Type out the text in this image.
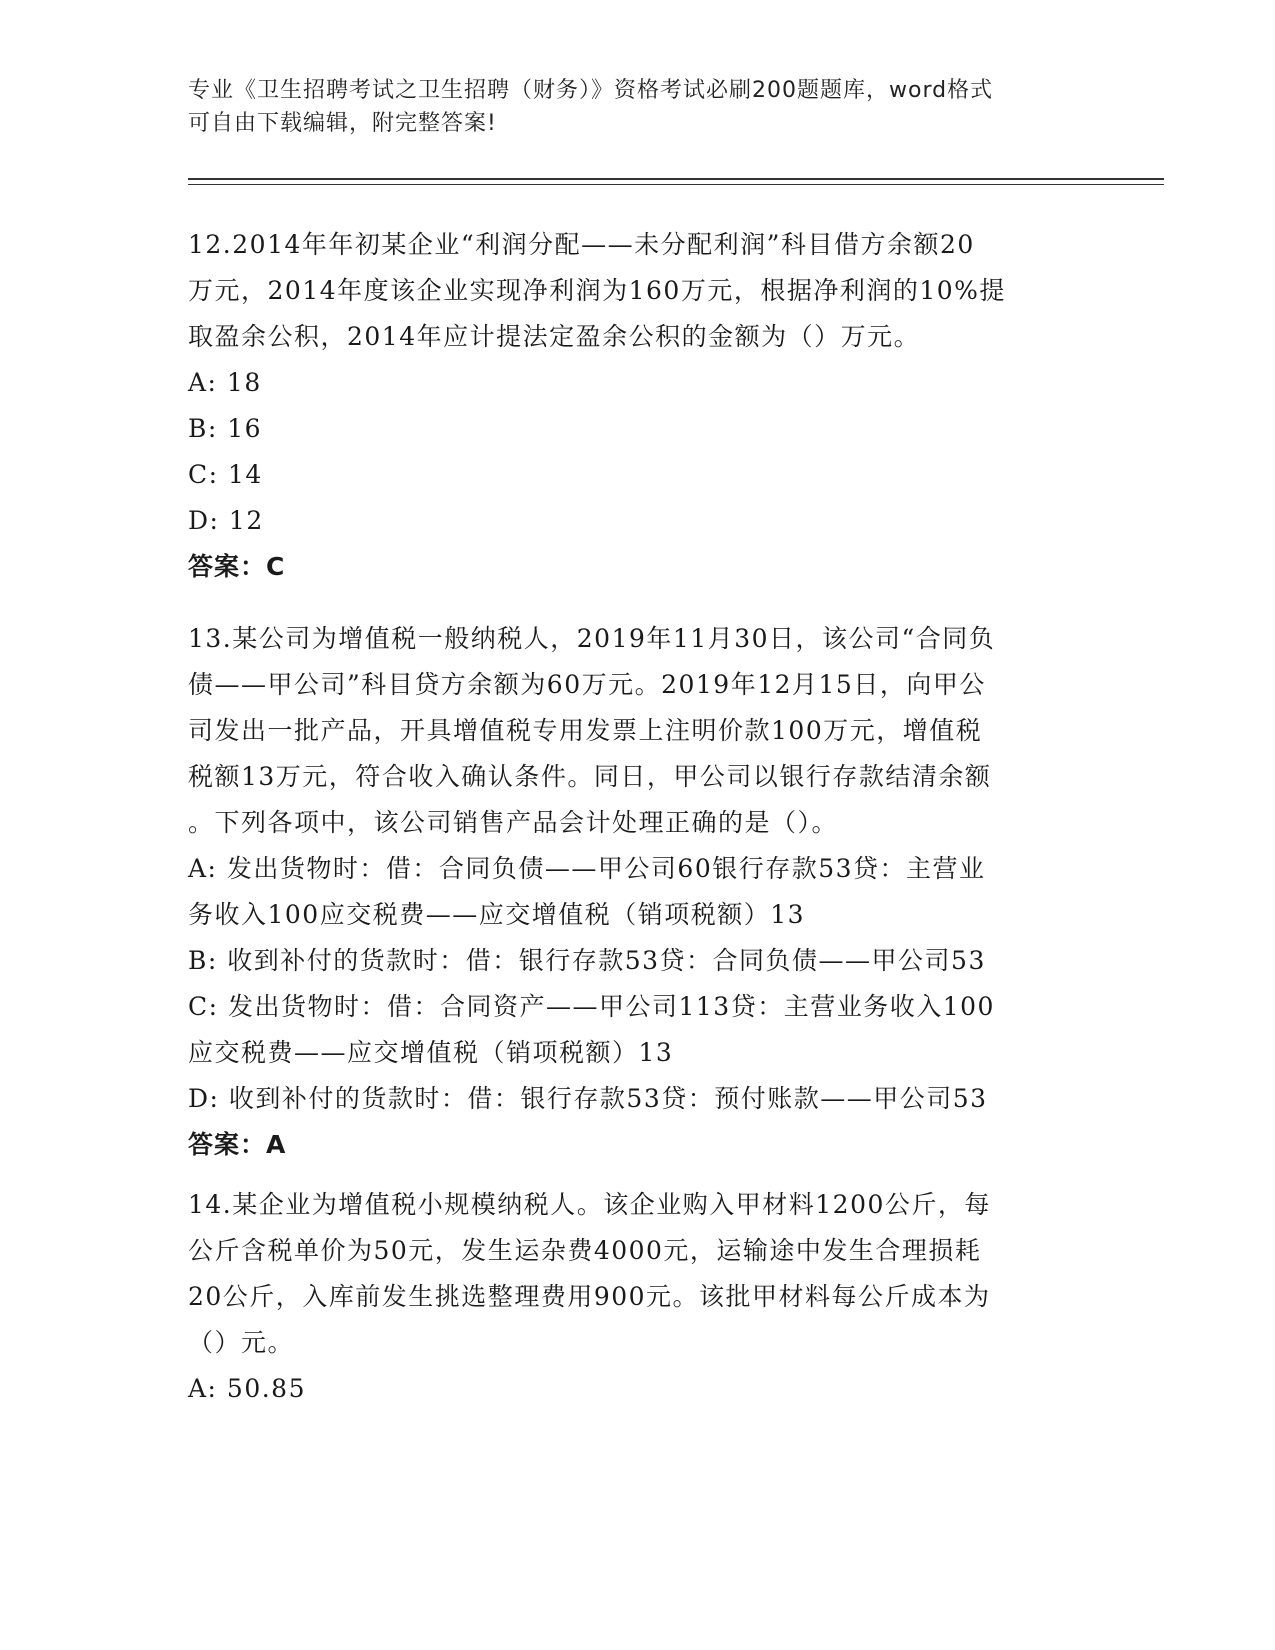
专业《卫生招聘考试之卫生招聘（财务）》资格考试必刷200题题库，word格式
可自由下载编辑，附完整答案!
12.2014年年初某企业“利润分配——未分配利润”科目借方余额20
万元，2014年度该企业实现净利润为160万元，根据净利润的10%提
取盈余公积，2014年应计提法定盈余公积的金额为（）万元。
A: 18
B: 16
C: 14
D: 12
答案：C
13.某公司为增值税一般纳税人，2019年11月30日，该公司“合同负
债——甲公司”科目贷方余额为60万元。2019年12月15日，向甲公
司发出一批产品，开具增值税专用发票上注明价款100万元，增值税
税额13万元，符合收入确认条件。同日，甲公司以银行存款结清余额
。下列各项中，该公司销售产品会计处理正确的是（）。
A: 发出货物时：借：合同负债——甲公司60银行存款53贷：主营业
务收入100应交税费——应交增值税（销项税额）13
B: 收到补付的货款时：借：银行存款53贷：合同负债——甲公司53
C: 发出货物时：借：合同资产——甲公司113贷：主营业务收入100
应交税费——应交增值税（销项税额）13
D: 收到补付的货款时：借：银行存款53贷：预付账款——甲公司53
答案：A
14.某企业为增值税小规模纳税人。该企业购入甲材料1200公斤，每
公斤含税单价为50元，发生运杂费4000元，运输途中发生合理损耗
20公斤，入库前发生挑选整理费用900元。该批甲材料每公斤成本为
（）元。
A: 50.85
